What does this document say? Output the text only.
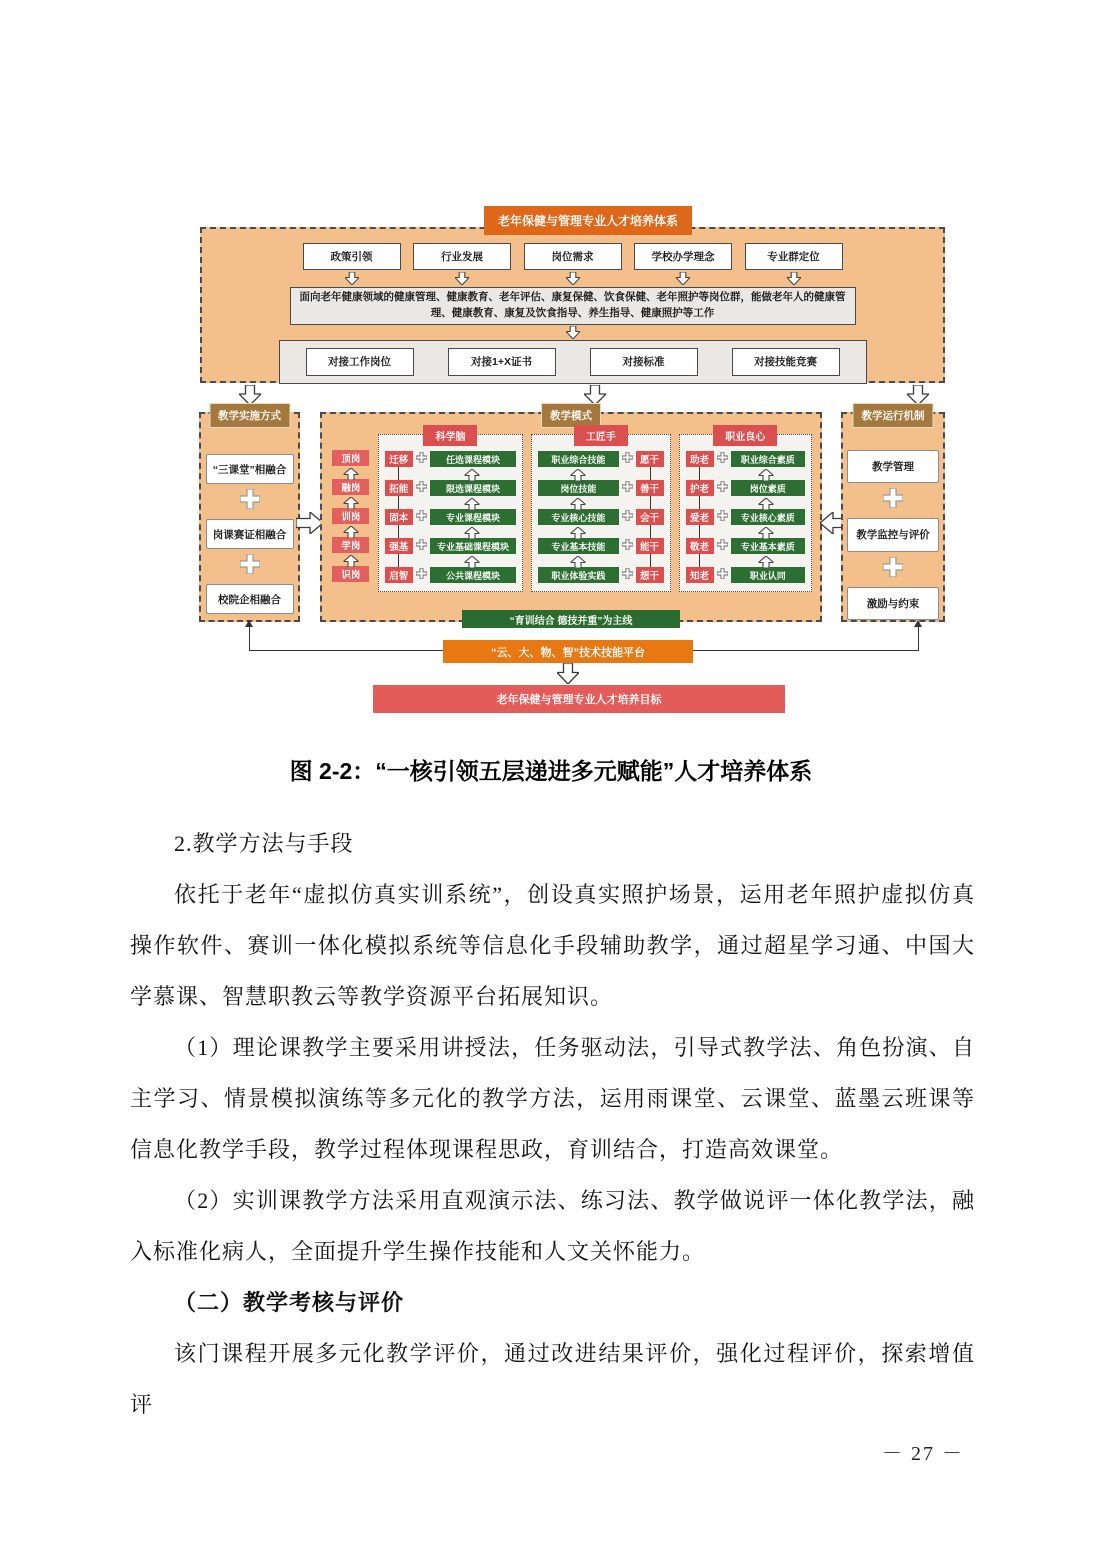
老年保健与管理专业人才培养体系
政策引领	行业发展	岗位需求	学校办学理念	专业群定位
面向老年健康领域的健康管理、健康教育、老年评估、康复保健、饮食保健、老年照护等岗位群，能做老年人的健康管理、健康教育、康复及饮食指导、养生指导、健康照护等工作
对接工作岗位	对接1+X证书	对接标准	对接技能竞赛
教学实施方式
“三课堂”相融合
岗课赛证相融合
校院企相融合
教学模式
顶岗
融岗
训岗
学岗
识岗
科学脑
迁移	任选课程模块
拓能	限选课程模块
固本	专业课程模块
强基	专业基础课程模块
启智	公共课程模块
工匠手
职业综合技能	愿干
岗位技能	善干
专业核心技能	会干
专业基本技能	能干
职业体验实践	想干
职业良心
助老	职业综合素质
护老	岗位素质
爱老	专业核心素质
敬老	专业基本素质
知老	职业认同
“育训结合 德技并重”为主线
教学运行机制
教学管理
教学监控与评价
激励与约束
“云、大、物、智”技术技能平台
老年保健与管理专业人才培养目标
图 2-2：“一核引领五层递进多元赋能”人才培养体系

2.教学方法与手段

依托于老年“虚拟仿真实训系统”，创设真实照护场景，运用老年照护虚拟仿真操作软件、赛训一体化模拟系统等信息化手段辅助教学，通过超星学习通、中国大学慕课、智慧职教云等教学资源平台拓展知识。

（1）理论课教学主要采用讲授法，任务驱动法，引导式教学法、角色扮演、自主学习、情景模拟演练等多元化的教学方法，运用雨课堂、云课堂、蓝墨云班课等信息化教学手段，教学过程体现课程思政，育训结合，打造高效课堂。

（2）实训课教学方法采用直观演示法、练习法、教学做说评一体化教学法，融入标准化病人，全面提升学生操作技能和人文关怀能力。

（二）教学考核与评价

该门课程开展多元化教学评价，通过改进结果评价，强化过程评价，探索增值评

－ 27 －
